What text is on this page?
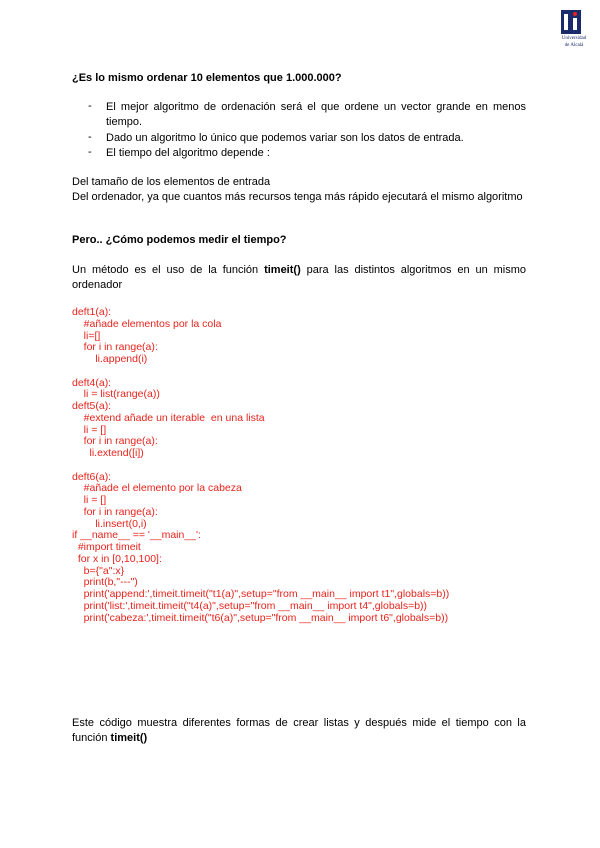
Universidad
de Alcalá
¿Es lo mismo ordenar 10 elementos que 1.000.000?
- El mejor algoritmo de ordenación será el que ordene un vector grande en menos tiempo.
- Dado un algoritmo lo único que podemos variar son los datos de entrada.
- El tiempo del algoritmo depende :
Del tamaño de los elementos de entrada
Del ordenador, ya que cuantos más recursos tenga más rápido ejecutará el mismo algoritmo
Pero.. ¿Cómo podemos medir el tiempo?
Un método es el uso de la función timeit() para las distintos algoritmos en un mismo ordenador
deft1(a):
#añade elementos por la cola
li=[]
for i in range(a):
li.append(i)
deft4(a):
li = list(range(a))
deft5(a):
#extend añade un iterable  en una lista
li = []
for i in range(a):
li.extend([i])
deft6(a):
#añade el elemento por la cabeza
li = []
for i in range(a):
li.insert(0,i)
if __name__ == '__main__':
#import timeit
for x in [0,10,100]:
b={"a":x}
print(b,"---")
print('append:',timeit.timeit("t1(a)",setup="from __main__ import t1",globals=b))
print('list:',timeit.timeit("t4(a)",setup="from __main__ import t4",globals=b))
print('cabeza:',timeit.timeit("t6(a)",setup="from __main__ import t6",globals=b))
Este código muestra diferentes formas de crear listas y después mide el tiempo con la función timeit()
